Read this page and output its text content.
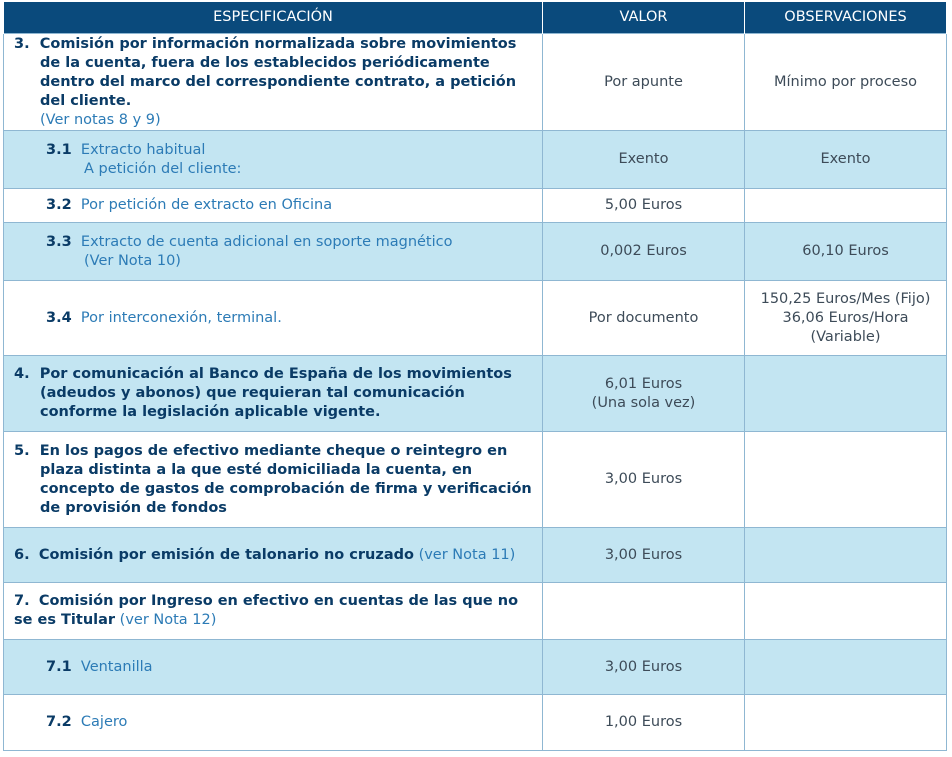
ESPECIFICACIÓN	VALOR	OBSERVACIONES

3. Comisión por información normalizada sobre movimientos de la cuenta, fuera de los establecidos periódicamente dentro del marco del correspondiente contrato, a petición del cliente.
(Ver notas 8 y 9)	Por apunte	Mínimo por proceso

3.1 Extracto habitual
A petición del cliente:	Exento	Exento

3.2 Por petición de extracto en Oficina	5,00 Euros	

3.3 Extracto de cuenta adicional en soporte magnético
(Ver Nota 10)	0,002 Euros	60,10 Euros

3.4 Por interconexión, terminal.	Por documento	150,25 Euros/Mes (Fijo)
36,06 Euros/Hora
(Variable)

4. Por comunicación al Banco de España de los movimientos (adeudos y abonos) que requieran tal comunicación conforme la legislación aplicable vigente.	6,01 Euros
(Una sola vez)	

5. En los pagos de efectivo mediante cheque o reintegro en plaza distinta a la que esté domiciliada la cuenta, en concepto de gastos de comprobación de firma y verificación de provisión de fondos	3,00 Euros	

6. Comisión por emisión de talonario no cruzado (ver Nota 11)	3,00 Euros	

7. Comisión por Ingreso en efectivo en cuentas de las que no se es Titular (ver Nota 12)		

7.1 Ventanilla	3,00 Euros	

7.2 Cajero	1,00 Euros	
